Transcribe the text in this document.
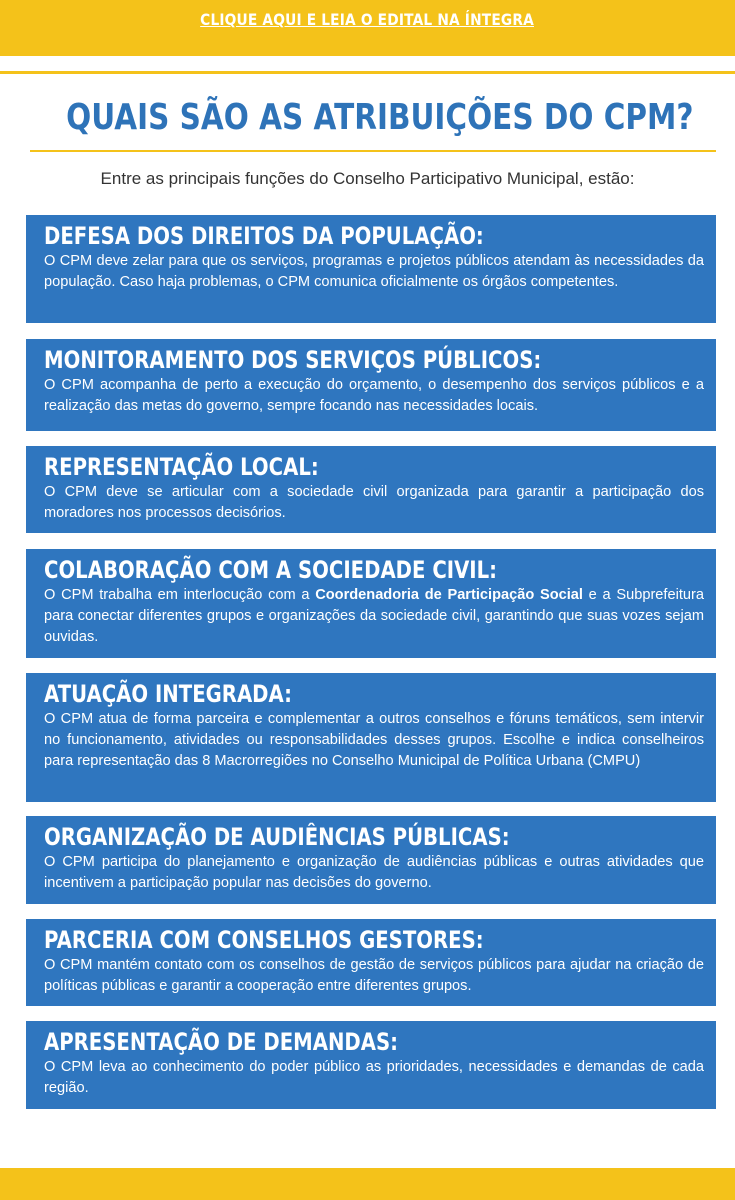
CLIQUE AQUI E LEIA O EDITAL NA ÍNTEGRA
QUAIS SÃO AS ATRIBUIÇÕES DO CPM?
Entre as principais funções do Conselho Participativo Municipal, estão:
DEFESA DOS DIREITOS DA POPULAÇÃO:

O CPM deve zelar para que os serviços, programas e projetos públicos atendam às necessidades da população. Caso haja problemas, o CPM comunica oficialmente os órgãos competentes.

MONITORAMENTO DOS SERVIÇOS PÚBLICOS:

O CPM acompanha de perto a execução do orçamento, o desempenho dos serviços públicos e a realização das metas do governo, sempre focando nas necessidades locais.

REPRESENTAÇÃO LOCAL:

O CPM deve se articular com a sociedade civil organizada para garantir a participação dos moradores nos processos decisórios.

COLABORAÇÃO COM A SOCIEDADE CIVIL:

O CPM trabalha em interlocução com a Coordenadoria de Participação Social e a Subprefeitura para conectar diferentes grupos e organizações da sociedade civil, garantindo que suas vozes sejam ouvidas.

ATUAÇÃO INTEGRADA:

O CPM atua de forma parceira e complementar a outros conselhos e fóruns temáticos, sem intervir no funcionamento, atividades ou responsabilidades desses grupos. Escolhe e indica conselheiros para representação das 8 Macrorregiões no Conselho Municipal de Política Urbana (CMPU)

ORGANIZAÇÃO DE AUDIÊNCIAS PÚBLICAS:

O CPM participa do planejamento e organização de audiências públicas e outras atividades que incentivem a participação popular nas decisões do governo.

PARCERIA COM CONSELHOS GESTORES:

O CPM mantém contato com os conselhos de gestão de serviços públicos para ajudar na criação de políticas públicas e garantir a cooperação entre diferentes grupos.

APRESENTAÇÃO DE DEMANDAS:

O CPM leva ao conhecimento do poder público as prioridades, necessidades e demandas de cada região.
